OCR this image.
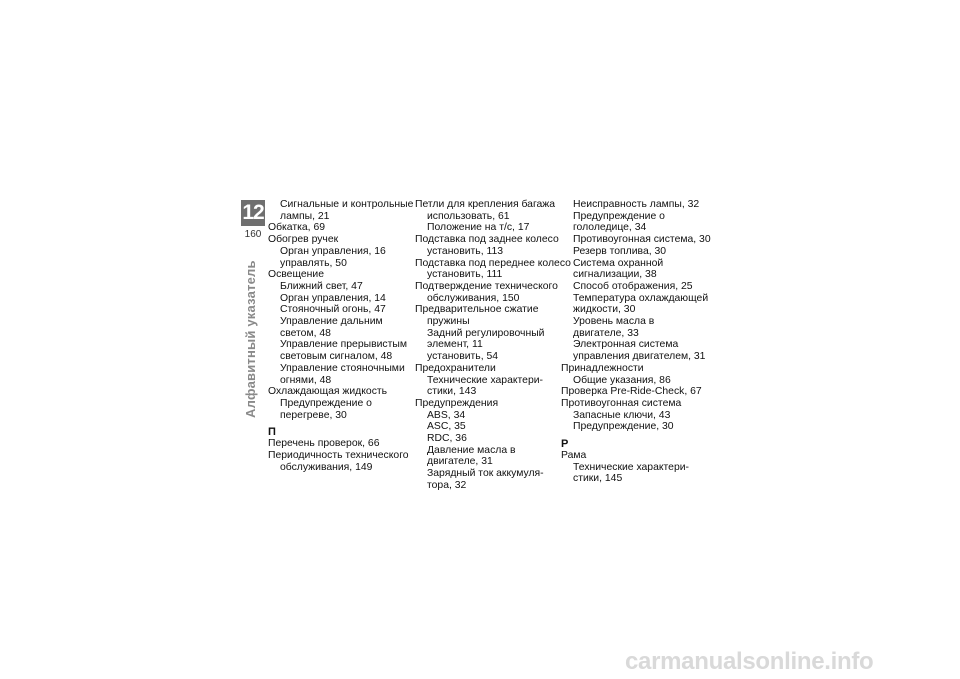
12
160
Алфавитный указатель
Сигнальные и контрольные
лампы, 21
Обкатка, 69
Обогрев ручек
Орган управления, 16
управлять, 50
Освещение
Ближний свет, 47
Орган управления, 14
Стояночный огонь, 47
Управление дальним
светом, 48
Управление прерывистым
световым сигналом, 48
Управление стояночными
огнями, 48
Охлаждающая жидкость
Предупреждение о
перегреве, 30
П
Перечень проверок, 66
Периодичность технического
обслуживания, 149
Петли для крепления багажа
использовать, 61
Положение на т/с, 17
Подставка под заднее колесо
установить, 113
Подставка под переднее колесо
установить, 111
Подтверждение технического
обслуживания, 150
Предварительное сжатие
пружины
Задний регулировочный
элемент, 11
установить, 54
Предохранители
Технические характери-
стики, 143
Предупреждения
ABS, 34
ASC, 35
RDC, 36
Давление масла в
двигателе, 31
Зарядный ток аккумуля-
тора, 32
Неисправность лампы, 32
Предупреждение о
гололедице, 34
Противоугонная система, 30
Резерв топлива, 30
Система охранной
сигнализации, 38
Способ отображения, 25
Температура охлаждающей
жидкости, 30
Уровень масла в
двигателе, 33
Электронная система
управления двигателем, 31
Принадлежности
Общие указания, 86
Проверка Pre-Ride-Check, 67
Противоугонная система
Запасные ключи, 43
Предупреждение, 30
Р
Рама
Технические характери-
стики, 145
carmanualsonline.info
